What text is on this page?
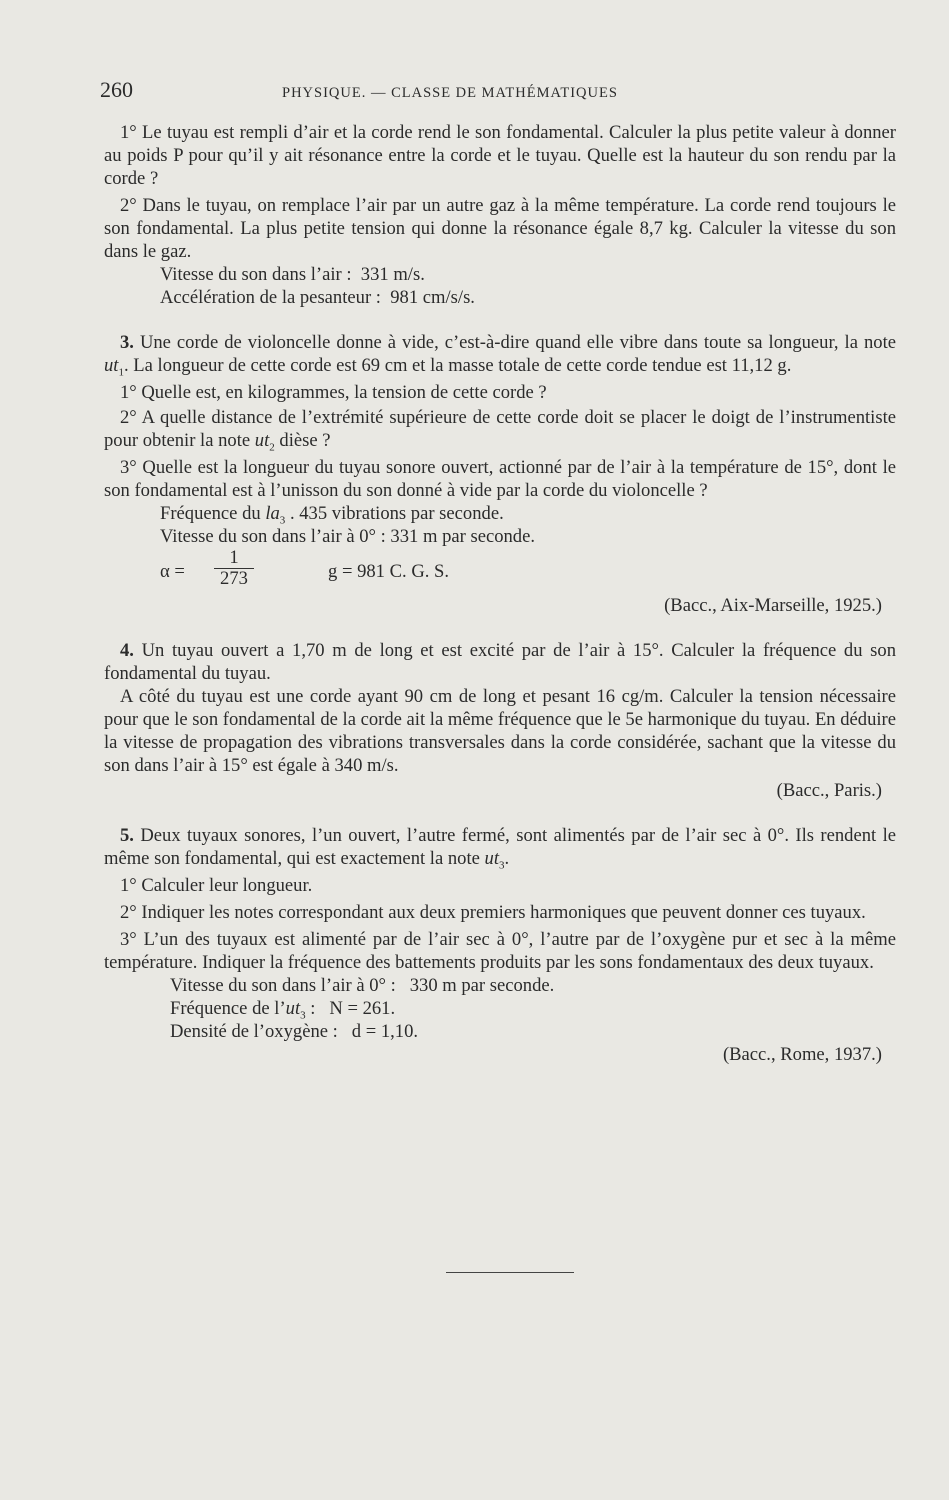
260	PHYSIQUE. — CLASSE DE MATHÉMATIQUES

1° Le tuyau est rempli d’air et la corde rend le son fondamental. Calculer la plus petite valeur à donner au poids P pour qu’il y ait résonance entre la corde et le tuyau. Quelle est la hauteur du son rendu par la corde ?

2° Dans le tuyau, on remplace l’air par un autre gaz à la même température. La corde rend toujours le son fondamental. La plus petite tension qui donne la résonance égale 8,7 kg. Calculer la vitesse du son dans le gaz.

Vitesse du son dans l’air :  331 m/s.
Accélération de la pesanteur :  981 cm/s/s.

3. Une corde de violoncelle donne à vide, c’est-à-dire quand elle vibre dans toute sa longueur, la note $ut_1$. La longueur de cette corde est 69 cm et la masse totale de cette corde tendue est 11,12 g.

1° Quelle est, en kilogrammes, la tension de cette corde ?

2° A quelle distance de l’extrémité supérieure de cette corde doit se placer le doigt de l’instrumentiste pour obtenir la note $ut_2$ dièse ?

3° Quelle est la longueur du tuyau sonore ouvert, actionné par de l’air à la température de 15°, dont le son fondamental est à l’unisson du son donné à vide par la corde du violoncelle ?

Fréquence du $la_3$ . 435 vibrations par seconde.
Vitesse du son dans l’air à 0° : 331 m par seconde.
$\alpha = \frac{1}{273}$	g = 981 C. G. S.

(Bacc., Aix-Marseille, 1925.)

4. Un tuyau ouvert a 1,70 m de long et est excité par de l’air à 15°. Calculer la fréquence du son fondamental du tuyau.

A côté du tuyau est une corde ayant 90 cm de long et pesant 16 cg/m. Calculer la tension nécessaire pour que le son fondamental de la corde ait la même fréquence que le 5e harmonique du tuyau. En déduire la vitesse de propagation des vibrations transversales dans la corde considérée, sachant que la vitesse du son dans l’air à 15° est égale à 340 m/s.

(Bacc., Paris.)

5. Deux tuyaux sonores, l’un ouvert, l’autre fermé, sont alimentés par de l’air sec à 0°. Ils rendent le même son fondamental, qui est exactement la note $ut_3$.

1° Calculer leur longueur.

2° Indiquer les notes correspondant aux deux premiers harmoniques que peuvent donner ces tuyaux.

3° L’un des tuyaux est alimenté par de l’air sec à 0°, l’autre par de l’oxygène pur et sec à la même température. Indiquer la fréquence des battements produits par les sons fondamentaux des deux tuyaux.

Vitesse du son dans l’air à 0° :   330 m par seconde.
Fréquence de $l’ut_3$ :   N = 261.
Densité de l’oxygène :   d = 1,10.

(Bacc., Rome, 1937.)
